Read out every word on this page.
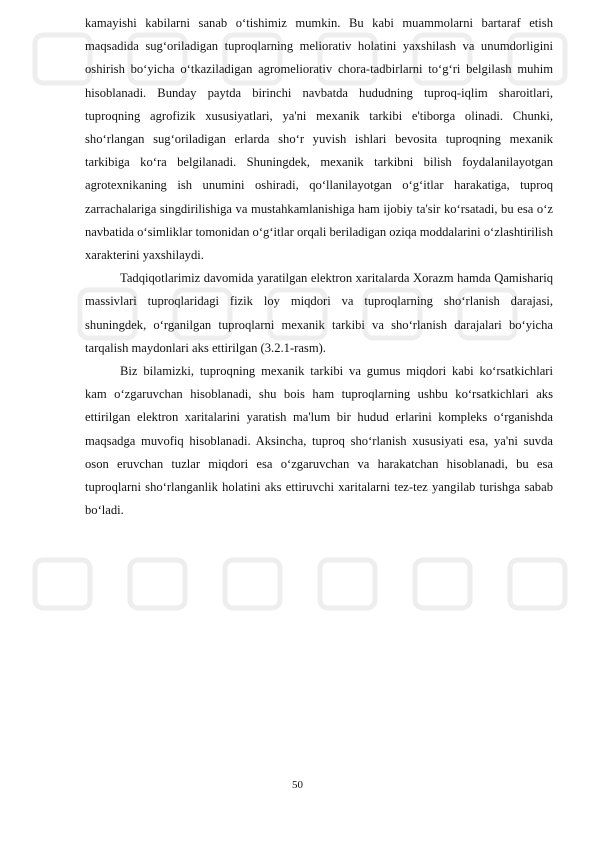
kamayishi kabilarni sanab o‘tishimiz mumkin. Bu kabi muammolarni bartaraf etish maqsadida sug‘oriladigan tuproqlarning meliorativ holatini yaxshilash va unumdorligini oshirish bo‘yicha o‘tkaziladigan agromeliorativ chora-tadbirlarni to‘g‘ri belgilash muhim hisoblanadi. Bunday paytda birinchi navbatda hududning tuproq-iqlim sharoitlari, tuproqning agrofizik xususiyatlari, ya'ni mexanik tarkibi e'tiborga olinadi. Chunki, sho‘rlangan sug‘oriladigan erlarda sho‘r yuvish ishlari bevosita tuproqning mexanik tarkibiga ko‘ra belgilanadi. Shuningdek, mexanik tarkibni bilish foydalanilayotgan agrotexnikaning ish unumini oshiradi, qo‘llanilayotgan o‘g‘itlar harakatiga, tuproq zarrachalariga singdirilishiga va mustahkamlanishiga ham ijobiy ta'sir ko‘rsatadi, bu esa o‘z navbatida o‘simliklar tomonidan o‘g‘itlar orqali beriladigan oziqa moddalarini o‘zlashtirilish xarakterini yaxshilaydi.

Tadqiqotlarimiz davomida yaratilgan elektron xaritalarda Xorazm hamda Qamishariq massivlari tuproqlaridagi fizik loy miqdori va tuproqlarning sho‘rlanish darajasi, shuningdek, o‘rganilgan tuproqlarni mexanik tarkibi va sho‘rlanish darajalari bo‘yicha tarqalish maydonlari aks ettirilgan (3.2.1-rasm).

Biz bilamizki, tuproqning mexanik tarkibi va gumus miqdori kabi ko‘rsatkichlari kam o‘zgaruvchan hisoblanadi, shu bois ham tuproqlarning ushbu ko‘rsatkichlari aks ettirilgan elektron xaritalarini yaratish ma'lum bir hudud erlarini kompleks o‘rganishda maqsadga muvofiq hisoblanadi. Aksincha, tuproq sho‘rlanish xususiyati esa, ya'ni suvda oson eruvchan tuzlar miqdori esa o‘zgaruvchan va harakatchan hisoblanadi, bu esa tuproqlarni sho‘rlanganlik holatini aks ettiruvchi xaritalarni tez-tez yangilab turishga sabab bo‘ladi.

50
